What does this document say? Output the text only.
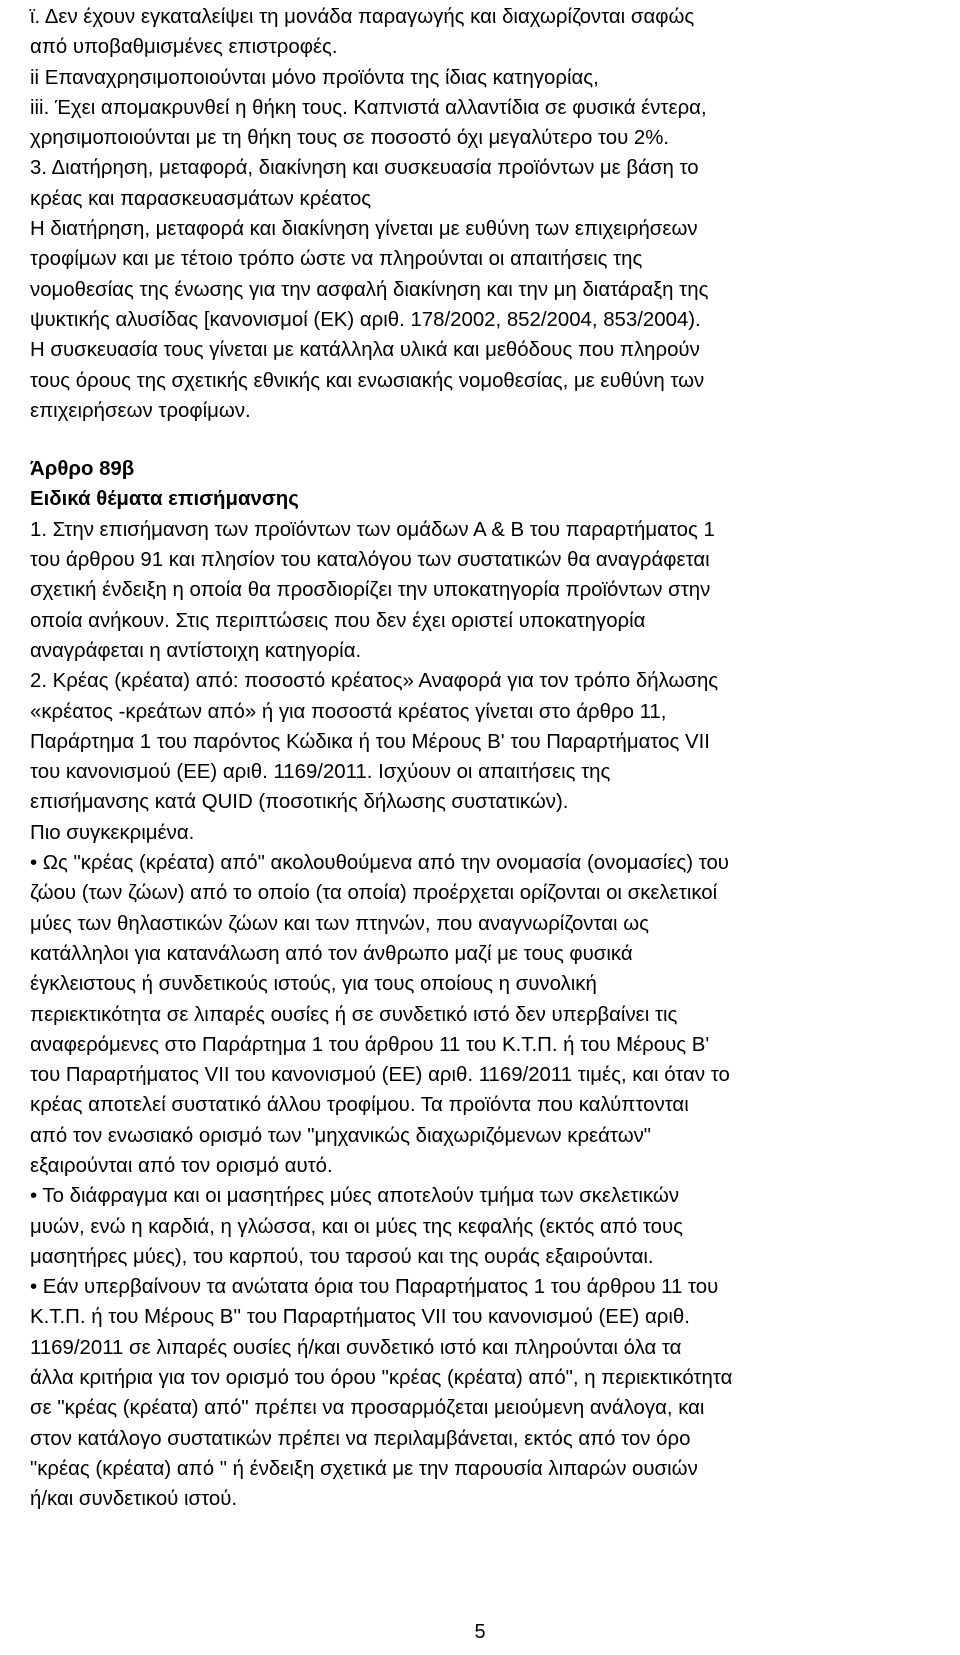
ϊ. Δεν έχουν εγκαταλείψει τη μονάδα παραγωγής και διαχωρίζονται σαφώς
από υποβαθμισμένες επιστροφές.
ii Επαναχρησιμοποιούνται μόνο προϊόντα της ίδιας κατηγορίας,
iii. Έχει απομακρυνθεί η θήκη τους. Καπνιστά αλλαντίδια σε φυσικά έντερα,
χρησιμοποιούνται με τη θήκη τους σε ποσοστό όχι μεγαλύτερο του 2%.
3. Διατήρηση, μεταφορά, διακίνηση και συσκευασία προϊόντων με βάση το
κρέας και παρασκευασμάτων κρέατος
Η διατήρηση, μεταφορά και διακίνηση γίνεται με ευθύνη των επιχειρήσεων
τροφίμων και με τέτοιο τρόπο ώστε να πληρούνται οι απαιτήσεις της
νομοθεσίας της ένωσης για την ασφαλή διακίνηση και την μη διατάραξη της
ψυκτικής αλυσίδας [κανονισμοί (ΕΚ) αριθ. 178/2002, 852/2004, 853/2004).
Η συσκευασία τους γίνεται με κατάλληλα υλικά και μεθόδους που πληρούν
τους όρους της σχετικής εθνικής και ενωσιακής νομοθεσίας, με ευθύνη των
επιχειρήσεων τροφίμων.
Άρθρο 89β
Ειδικά θέματα επισήμανσης
1. Στην επισήμανση των προϊόντων των ομάδων Α & Β του παραρτήματος 1
του άρθρου 91 και πλησίον του καταλόγου των συστατικών θα αναγράφεται
σχετική ένδειξη η οποία θα προσδιορίζει την υποκατηγορία προϊόντων στην
οποία ανήκουν. Στις περιπτώσεις που δεν έχει οριστεί υποκατηγορία
αναγράφεται η αντίστοιχη κατηγορία.
2. Κρέας (κρέατα) από: ποσοστό κρέατος» Αναφορά για τον τρόπο δήλωσης
«κρέατος -κρεάτων από» ή για ποσοστά κρέατος γίνεται στο άρθρο 11,
Παράρτημα 1 του παρόντος Κώδικα ή του Μέρους Β' του Παραρτήματος VII
του κανονισμού (ΕΕ) αριθ. 1169/2011. Ισχύουν οι απαιτήσεις της
επισήμανσης κατά QUID (ποσοτικής δήλωσης συστατικών).
Πιο συγκεκριμένα.
• Ως "κρέας (κρέατα) από" ακολουθούμενα από την ονομασία (ονομασίες) του
ζώου (των ζώων) από το οποίο (τα οποία) προέρχεται ορίζονται οι σκελετικοί
μύες των θηλαστικών ζώων και των πτηνών, που αναγνωρίζονται ως
κατάλληλοι για κατανάλωση από τον άνθρωπο μαζί με τους φυσικά
έγκλειστους ή συνδετικούς ιστούς, για τους οποίους η συνολική
περιεκτικότητα σε λιπαρές ουσίες ή σε συνδετικό ιστό δεν υπερβαίνει τις
αναφερόμενες στο Παράρτημα 1 του άρθρου 11 του Κ.Τ.Π. ή του Μέρους Β'
του Παραρτήματος VII του κανονισμού (ΕΕ) αριθ. 1169/2011 τιμές, και όταν το
κρέας αποτελεί συστατικό άλλου τροφίμου. Τα προϊόντα που καλύπτονται
από τον ενωσιακό ορισμό των "μηχανικώς διαχωριζόμενων κρεάτων"
εξαιρούνται από τον ορισμό αυτό.
• Το διάφραγμα και οι μασητήρες μύες αποτελούν τμήμα των σκελετικών
μυών, ενώ η καρδιά, η γλώσσα, και οι μύες της κεφαλής (εκτός από τους
μασητήρες μύες), του καρπού, του ταρσού και της ουράς εξαιρούνται.
• Εάν υπερβαίνουν τα ανώτατα όρια του Παραρτήματος 1 του άρθρου 11 του
Κ.Τ.Π. ή του Μέρους Β'' του Παραρτήματος VII του κανονισμού (ΕΕ) αριθ.
1169/2011 σε λιπαρές ουσίες ή/και συνδετικό ιστό και πληρούνται όλα τα
άλλα κριτήρια για τον ορισμό του όρου "κρέας (κρέατα) από", η περιεκτικότητα
σε "κρέας (κρέατα) από" πρέπει να προσαρμόζεται μειούμενη ανάλογα, και
στον κατάλογο συστατικών πρέπει να περιλαμβάνεται, εκτός από τον όρο
"κρέας (κρέατα) από " ή ένδειξη σχετικά με την παρουσία λιπαρών ουσιών
ή/και συνδετικού ιστού.
5
